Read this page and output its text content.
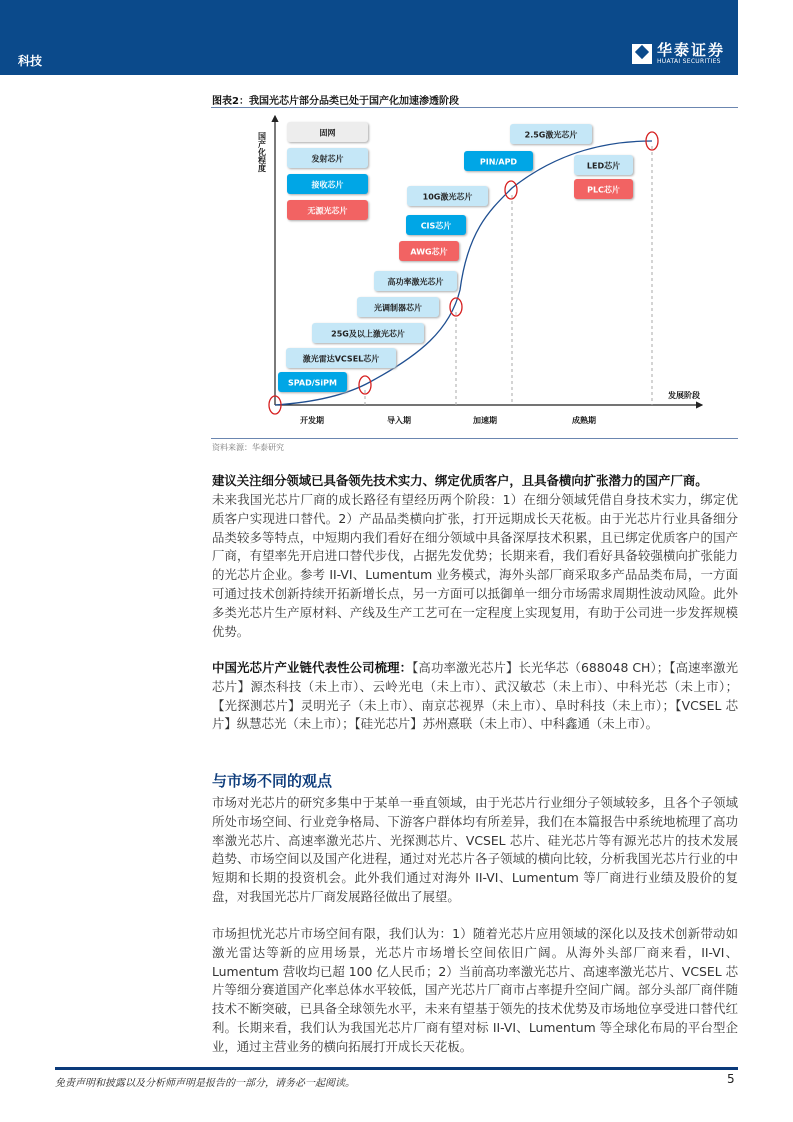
科技
华泰证券
HUATAI SECURITIES
图表2：我国光芯片部分品类已处于国产化加速渗透阶段
固网
发射芯片
接收芯片
无源光芯片
2.5G激光芯片
PIN/APD	LED芯片
PLC芯片
10G激光芯片
CIS芯片
AWG芯片
高功率激光芯片
光调制器芯片
25G及以上激光芯片
激光雷达VCSEL芯片
SPAD/SiPM
国产化程度
发展阶段
开发期	导入期	加速期	成熟期
资料来源：华泰研究
建议关注细分领域已具备领先技术实力、绑定优质客户，且具备横向扩张潜力的国产厂商。
未来我国光芯片厂商的成长路径有望经历两个阶段：1）在细分领域凭借自身技术实力，绑定优质客户实现进口替代。2）产品品类横向扩张，打开远期成长天花板。由于光芯片行业具备细分品类较多等特点，中短期内我们看好在细分领域中具备深厚技术积累，且已绑定优质客户的国产厂商，有望率先开启进口替代步伐，占据先发优势；长期来看，我们看好具备较强横向扩张能力的光芯片企业。参考 II-VI、Lumentum 业务模式，海外头部厂商采取多产品品类布局，一方面可通过技术创新持续开拓新增长点，另一方面可以抵御单一细分市场需求周期性波动风险。此外多类光芯片生产原材料、产线及生产工艺可在一定程度上实现复用，有助于公司进一步发挥规模优势。
中国光芯片产业链代表性公司梳理：【高功率激光芯片】长光华芯（688048 CH）；【高速率激光芯片】源杰科技（未上市）、云岭光电（未上市）、武汉敏芯（未上市）、中科光芯（未上市）；【光探测芯片】灵明光子（未上市）、南京芯视界（未上市）、阜时科技（未上市）；【VCSEL 芯片】纵慧芯光（未上市）；【硅光芯片】苏州熹联（未上市）、中科鑫通（未上市）。
与市场不同的观点
市场对光芯片的研究多集中于某单一垂直领域，由于光芯片行业细分子领域较多，且各个子领域所处市场空间、行业竞争格局、下游客户群体均有所差异，我们在本篇报告中系统地梳理了高功率激光芯片、高速率激光芯片、光探测芯片、VCSEL 芯片、硅光芯片等有源光芯片的技术发展趋势、市场空间以及国产化进程，通过对光芯片各子领域的横向比较，分析我国光芯片行业的中短期和长期的投资机会。此外我们通过对海外 II-VI、Lumentum 等厂商进行业绩及股价的复盘，对我国光芯片厂商发展路径做出了展望。
市场担忧光芯片市场空间有限，我们认为：1）随着光芯片应用领域的深化以及技术创新带动如激光雷达等新的应用场景，光芯片市场增长空间依旧广阔。从海外头部厂商来看，II-VI、Lumentum 营收均已超 100 亿人民币；2）当前高功率激光芯片、高速率激光芯片、VCSEL 芯片等细分赛道国产化率总体水平较低，国产光芯片厂商市占率提升空间广阔。部分头部厂商伴随技术不断突破，已具备全球领先水平，未来有望基于领先的技术优势及市场地位享受进口替代红利。长期来看，我们认为我国光芯片厂商有望对标 II-VI、Lumentum 等全球化布局的平台型企业，通过主营业务的横向拓展打开成长天花板。
免责声明和披露以及分析师声明是报告的一部分，请务必一起阅读。	5
